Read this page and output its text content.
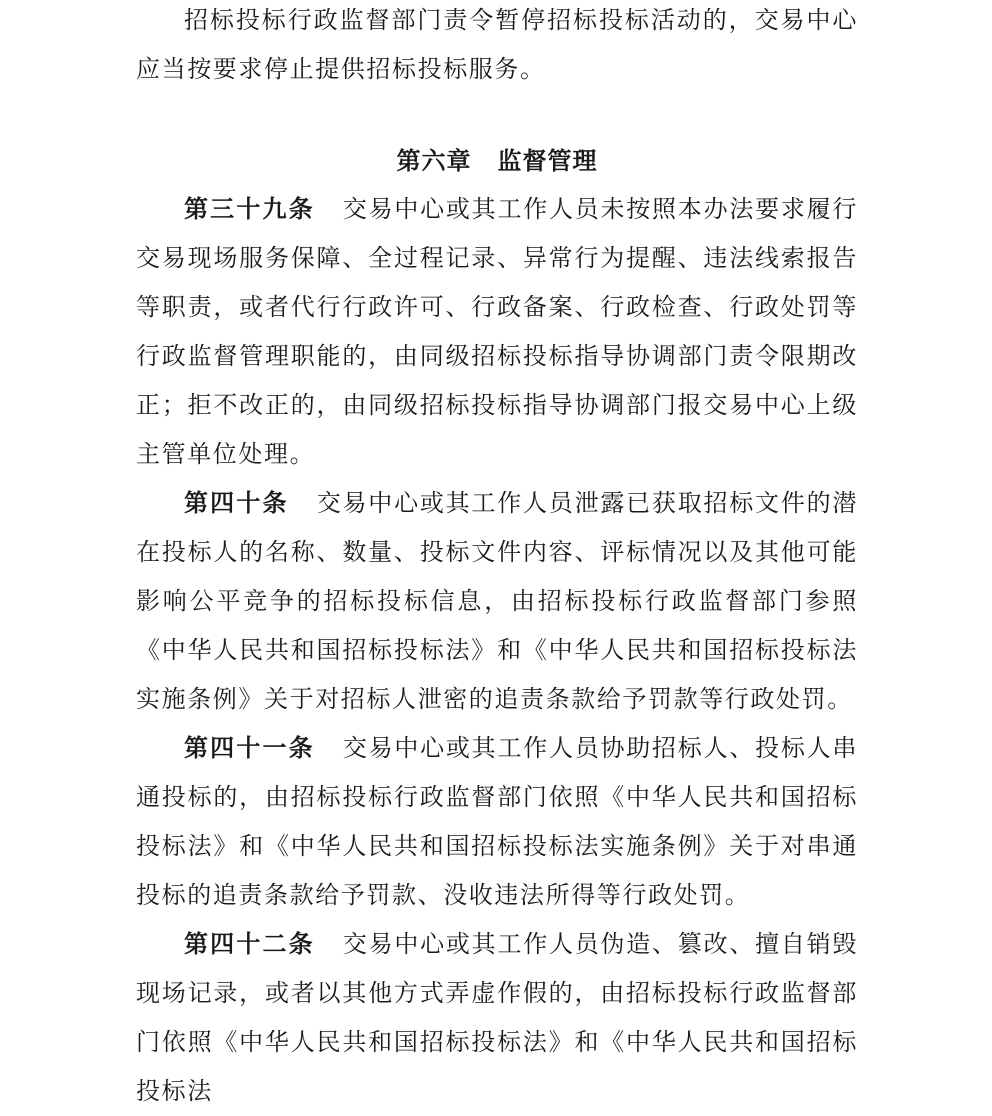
招标投标行政监督部门责令暂停招标投标活动的，交易中心应当按要求停止提供招标投标服务。

第六章 监督管理

第三十九条 交易中心或其工作人员未按照本办法要求履行交易现场服务保障、全过程记录、异常行为提醒、违法线索报告等职责，或者代行行政许可、行政备案、行政检查、行政处罚等行政监督管理职能的，由同级招标投标指导协调部门责令限期改正；拒不改正的，由同级招标投标指导协调部门报交易中心上级主管单位处理。

第四十条 交易中心或其工作人员泄露已获取招标文件的潜在投标人的名称、数量、投标文件内容、评标情况以及其他可能影响公平竞争的招标投标信息，由招标投标行政监督部门参照《中华人民共和国招标投标法》和《中华人民共和国招标投标法实施条例》关于对招标人泄密的追责条款给予罚款等行政处罚。

第四十一条 交易中心或其工作人员协助招标人、投标人串通投标的，由招标投标行政监督部门依照《中华人民共和国招标投标法》和《中华人民共和国招标投标法实施条例》关于对串通投标的追责条款给予罚款、没收违法所得等行政处罚。

第四十二条 交易中心或其工作人员伪造、篡改、擅自销毁现场记录，或者以其他方式弄虚作假的，由招标投标行政监督部门依照《中华人民共和国招标投标法》和《中华人民共和国招标投标法
